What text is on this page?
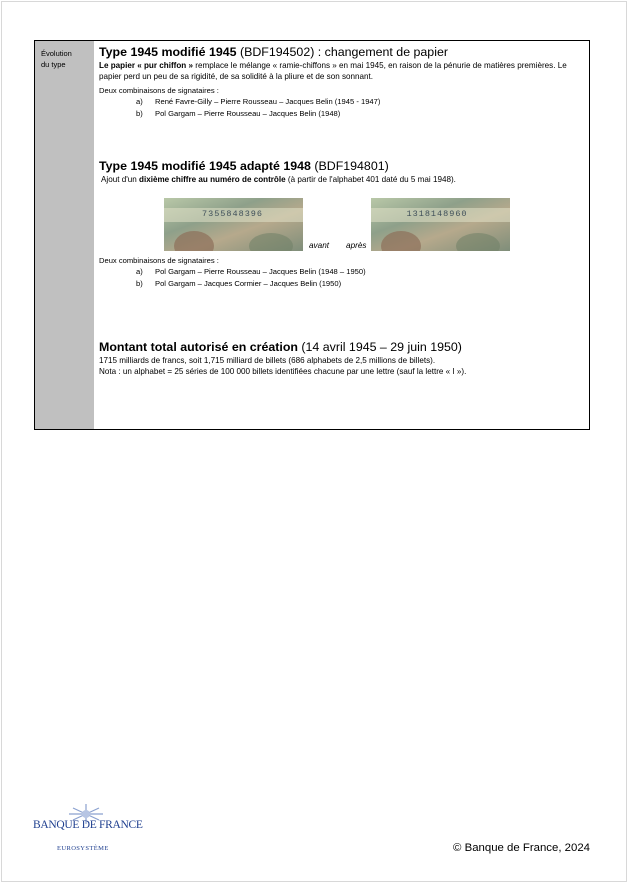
Évolution
du type
Type 1945 modifié 1945 (BDF194502) : changement de papier

Le papier « pur chiffon » remplace le mélange « ramie-chiffons » en mai 1945, en raison de la pénurie de matières premières. Le papier perd un peu de sa rigidité, de sa solidité à la pliure et de son sonnant.

Deux combinaisons de signataires :

a)	René Favre-Gilly – Pierre Rousseau – Jacques Belin (1945 - 1947)
b)	Pol Gargam – Pierre Rousseau – Jacques Belin (1948)
Type 1945 modifié 1945 adapté 1948 (BDF194801)

Ajout d'un dixième chiffre au numéro de contrôle (à partir de l'alphabet 401 daté du 5 mai 1948).

7355848396
avant après
1318148960

Deux combinaisons de signataires :

a)	Pol Gargam – Pierre Rousseau – Jacques Belin (1948 – 1950)
b)	Pol Gargam – Jacques Cormier – Jacques Belin (1950)
Montant total autorisé en création (14 avril 1945 – 29 juin 1950)

1715 milliards de francs, soit 1,715 milliard de billets (686 alphabets de 2,5 millions de billets).

Nota : un alphabet = 25 séries de 100 000 billets identifiées chacune par une lettre (sauf la lettre « I »).

BANQUE DE FRANCE
EUROSYSTÈME	© Banque de France, 2024
